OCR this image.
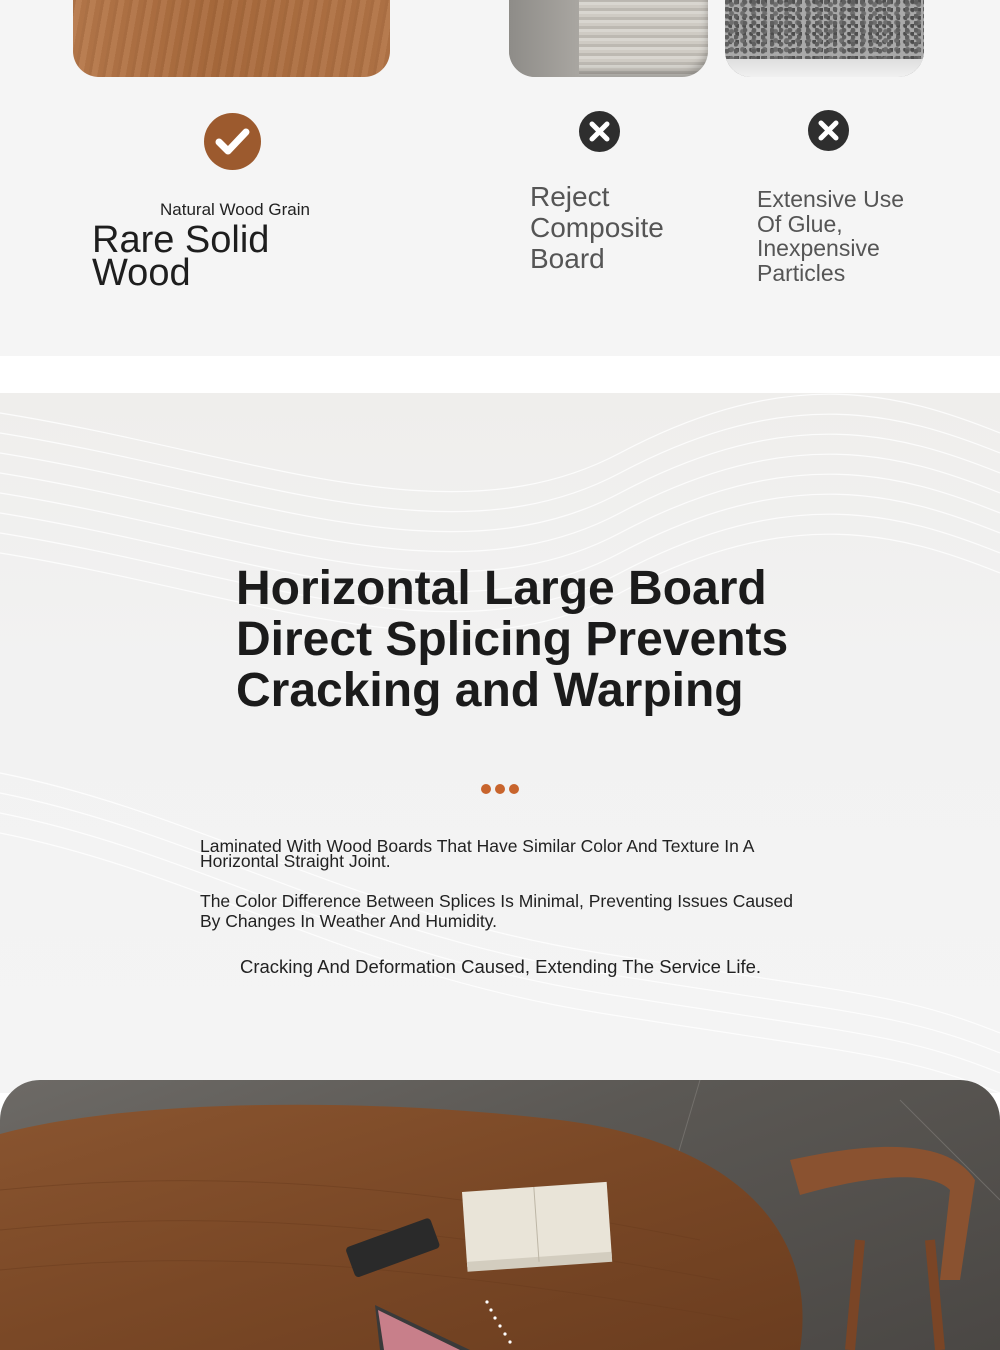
Natural Wood Grain
Rare Solid Wood
Reject Composite Board
Extensive Use Of Glue, Inexpensive Particles
Horizontal Large Board Direct Splicing Prevents Cracking and Warping

Laminated With Wood Boards That Have Similar Color And Texture In A Horizontal Straight Joint.

The Color Difference Between Splices Is Minimal, Preventing Issues Caused By Changes In Weather And Humidity.

Cracking And Deformation Caused, Extending The Service Life.
